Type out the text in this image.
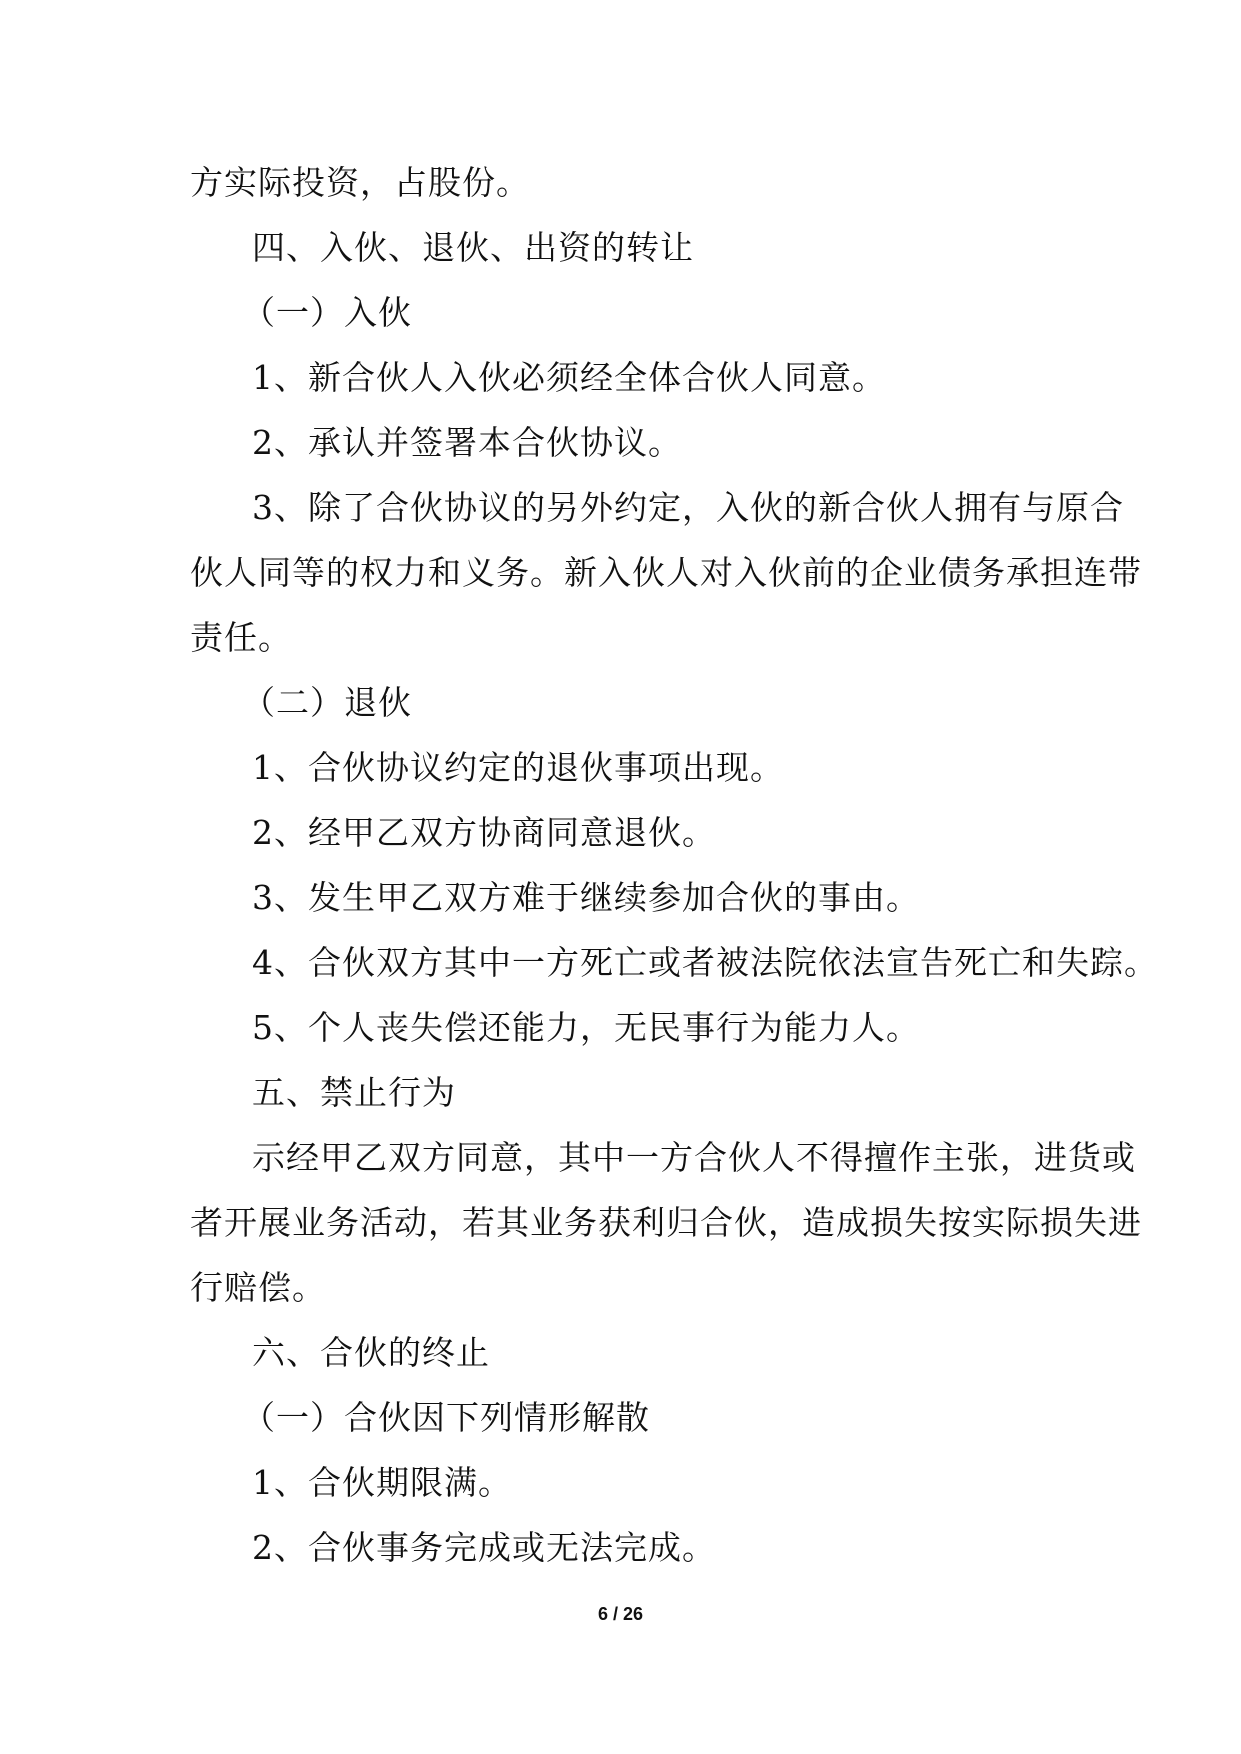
方实际投资，占股份。
四、入伙、退伙、出资的转让
（一）入伙
1、新合伙人入伙必须经全体合伙人同意。
2、承认并签署本合伙协议。
3、除了合伙协议的另外约定，入伙的新合伙人拥有与原合
伙人同等的权力和义务。新入伙人对入伙前的企业债务承担连带
责任。
（二）退伙
1、合伙协议约定的退伙事项出现。
2、经甲乙双方协商同意退伙。
3、发生甲乙双方难于继续参加合伙的事由。
4、合伙双方其中一方死亡或者被法院依法宣告死亡和失踪。
5、个人丧失偿还能力，无民事行为能力人。
五、禁止行为
示经甲乙双方同意，其中一方合伙人不得擅作主张，进货或
者开展业务活动，若其业务获利归合伙，造成损失按实际损失进
行赔偿。
六、合伙的终止
（一）合伙因下列情形解散
1、合伙期限满。
2、合伙事务完成或无法完成。
6 / 26
